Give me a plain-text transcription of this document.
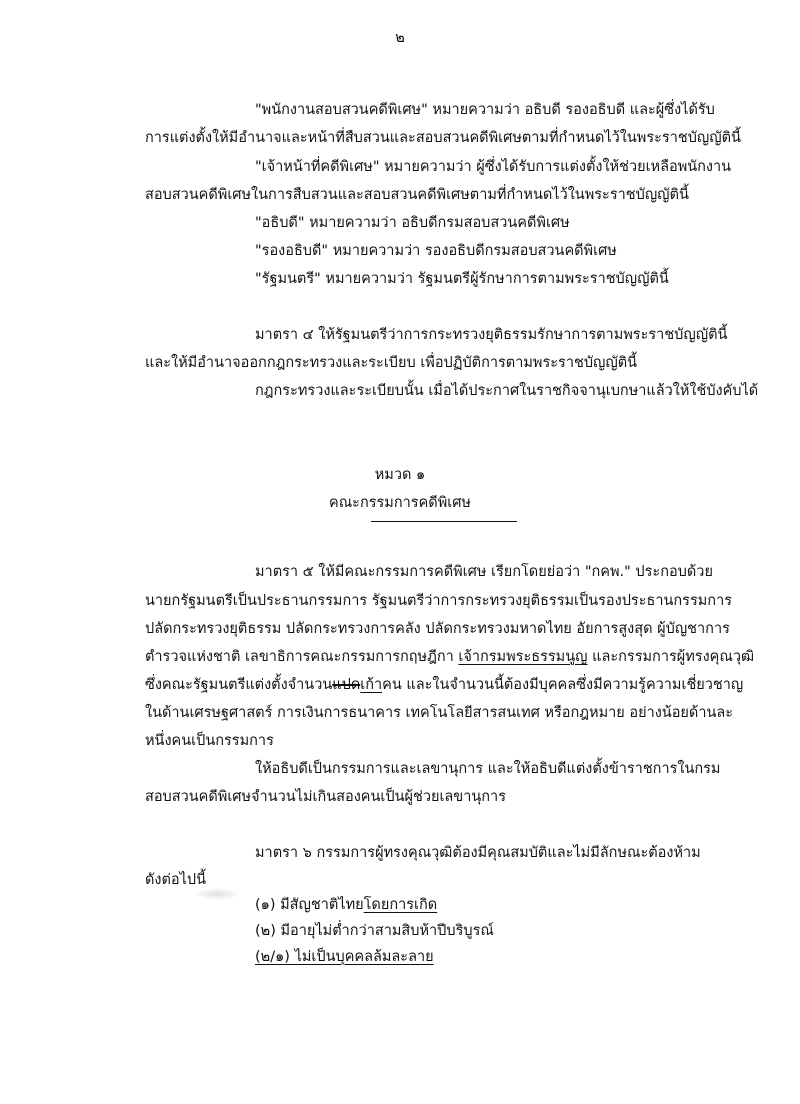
๒
"พนักงานสอบสวนคดีพิเศษ" หมายความว่า อธิบดี รองอธิบดี และผู้ซึ่งได้รับ
การแต่งตั้งให้มีอำนาจและหน้าที่สืบสวนและสอบสวนคดีพิเศษตามที่กำหนดไว้ในพระราชบัญญัตินี้
"เจ้าหน้าที่คดีพิเศษ" หมายความว่า ผู้ซึ่งได้รับการแต่งตั้งให้ช่วยเหลือพนักงาน
สอบสวนคดีพิเศษในการสืบสวนและสอบสวนคดีพิเศษตามที่กำหนดไว้ในพระราชบัญญัตินี้
"อธิบดี" หมายความว่า อธิบดีกรมสอบสวนคดีพิเศษ
"รองอธิบดี" หมายความว่า รองอธิบดีกรมสอบสวนคดีพิเศษ
"รัฐมนตรี" หมายความว่า รัฐมนตรีผู้รักษาการตามพระราชบัญญัตินี้
มาตรา ๔ ให้รัฐมนตรีว่าการกระทรวงยุติธรรมรักษาการตามพระราชบัญญัตินี้
และให้มีอำนาจออกกฎกระทรวงและระเบียบ เพื่อปฏิบัติการตามพระราชบัญญัตินี้
กฎกระทรวงและระเบียบนั้น เมื่อได้ประกาศในราชกิจจานุเบกษาแล้วให้ใช้บังคับได้
หมวด ๑
คณะกรรมการคดีพิเศษ
มาตรา ๕ ให้มีคณะกรรมการคดีพิเศษ เรียกโดยย่อว่า "กคพ." ประกอบด้วย
นายกรัฐมนตรีเป็นประธานกรรมการ รัฐมนตรีว่าการกระทรวงยุติธรรมเป็นรองประธานกรรมการ
ปลัดกระทรวงยุติธรรม ปลัดกระทรวงการคลัง ปลัดกระทรวงมหาดไทย อัยการสูงสุด ผู้บัญชาการ
ตำรวจแห่งชาติ เลขาธิการคณะกรรมการกฤษฎีกา เจ้ากรมพระธรรมนูญ และกรรมการผู้ทรงคุณวุฒิ
ซึ่งคณะรัฐมนตรีแต่งตั้งจำนวนแปดเก้าคน และในจำนวนนี้ต้องมีบุคคลซึ่งมีความรู้ความเชี่ยวชาญ
ในด้านเศรษฐศาสตร์ การเงินการธนาคาร เทคโนโลยีสารสนเทศ หรือกฎหมาย อย่างน้อยด้านละ
หนึ่งคนเป็นกรรมการ
ให้อธิบดีเป็นกรรมการและเลขานุการ และให้อธิบดีแต่งตั้งข้าราชการในกรม
สอบสวนคดีพิเศษจำนวนไม่เกินสองคนเป็นผู้ช่วยเลขานุการ
มาตรา ๖ กรรมการผู้ทรงคุณวุฒิต้องมีคุณสมบัติและไม่มีลักษณะต้องห้าม
ดังต่อไปนี้
(๑) มีสัญชาติไทยโดยการเกิด
(๒) มีอายุไม่ต่ำกว่าสามสิบห้าปีบริบูรณ์
(๒/๑) ไม่เป็นบุคคลล้มละลาย
